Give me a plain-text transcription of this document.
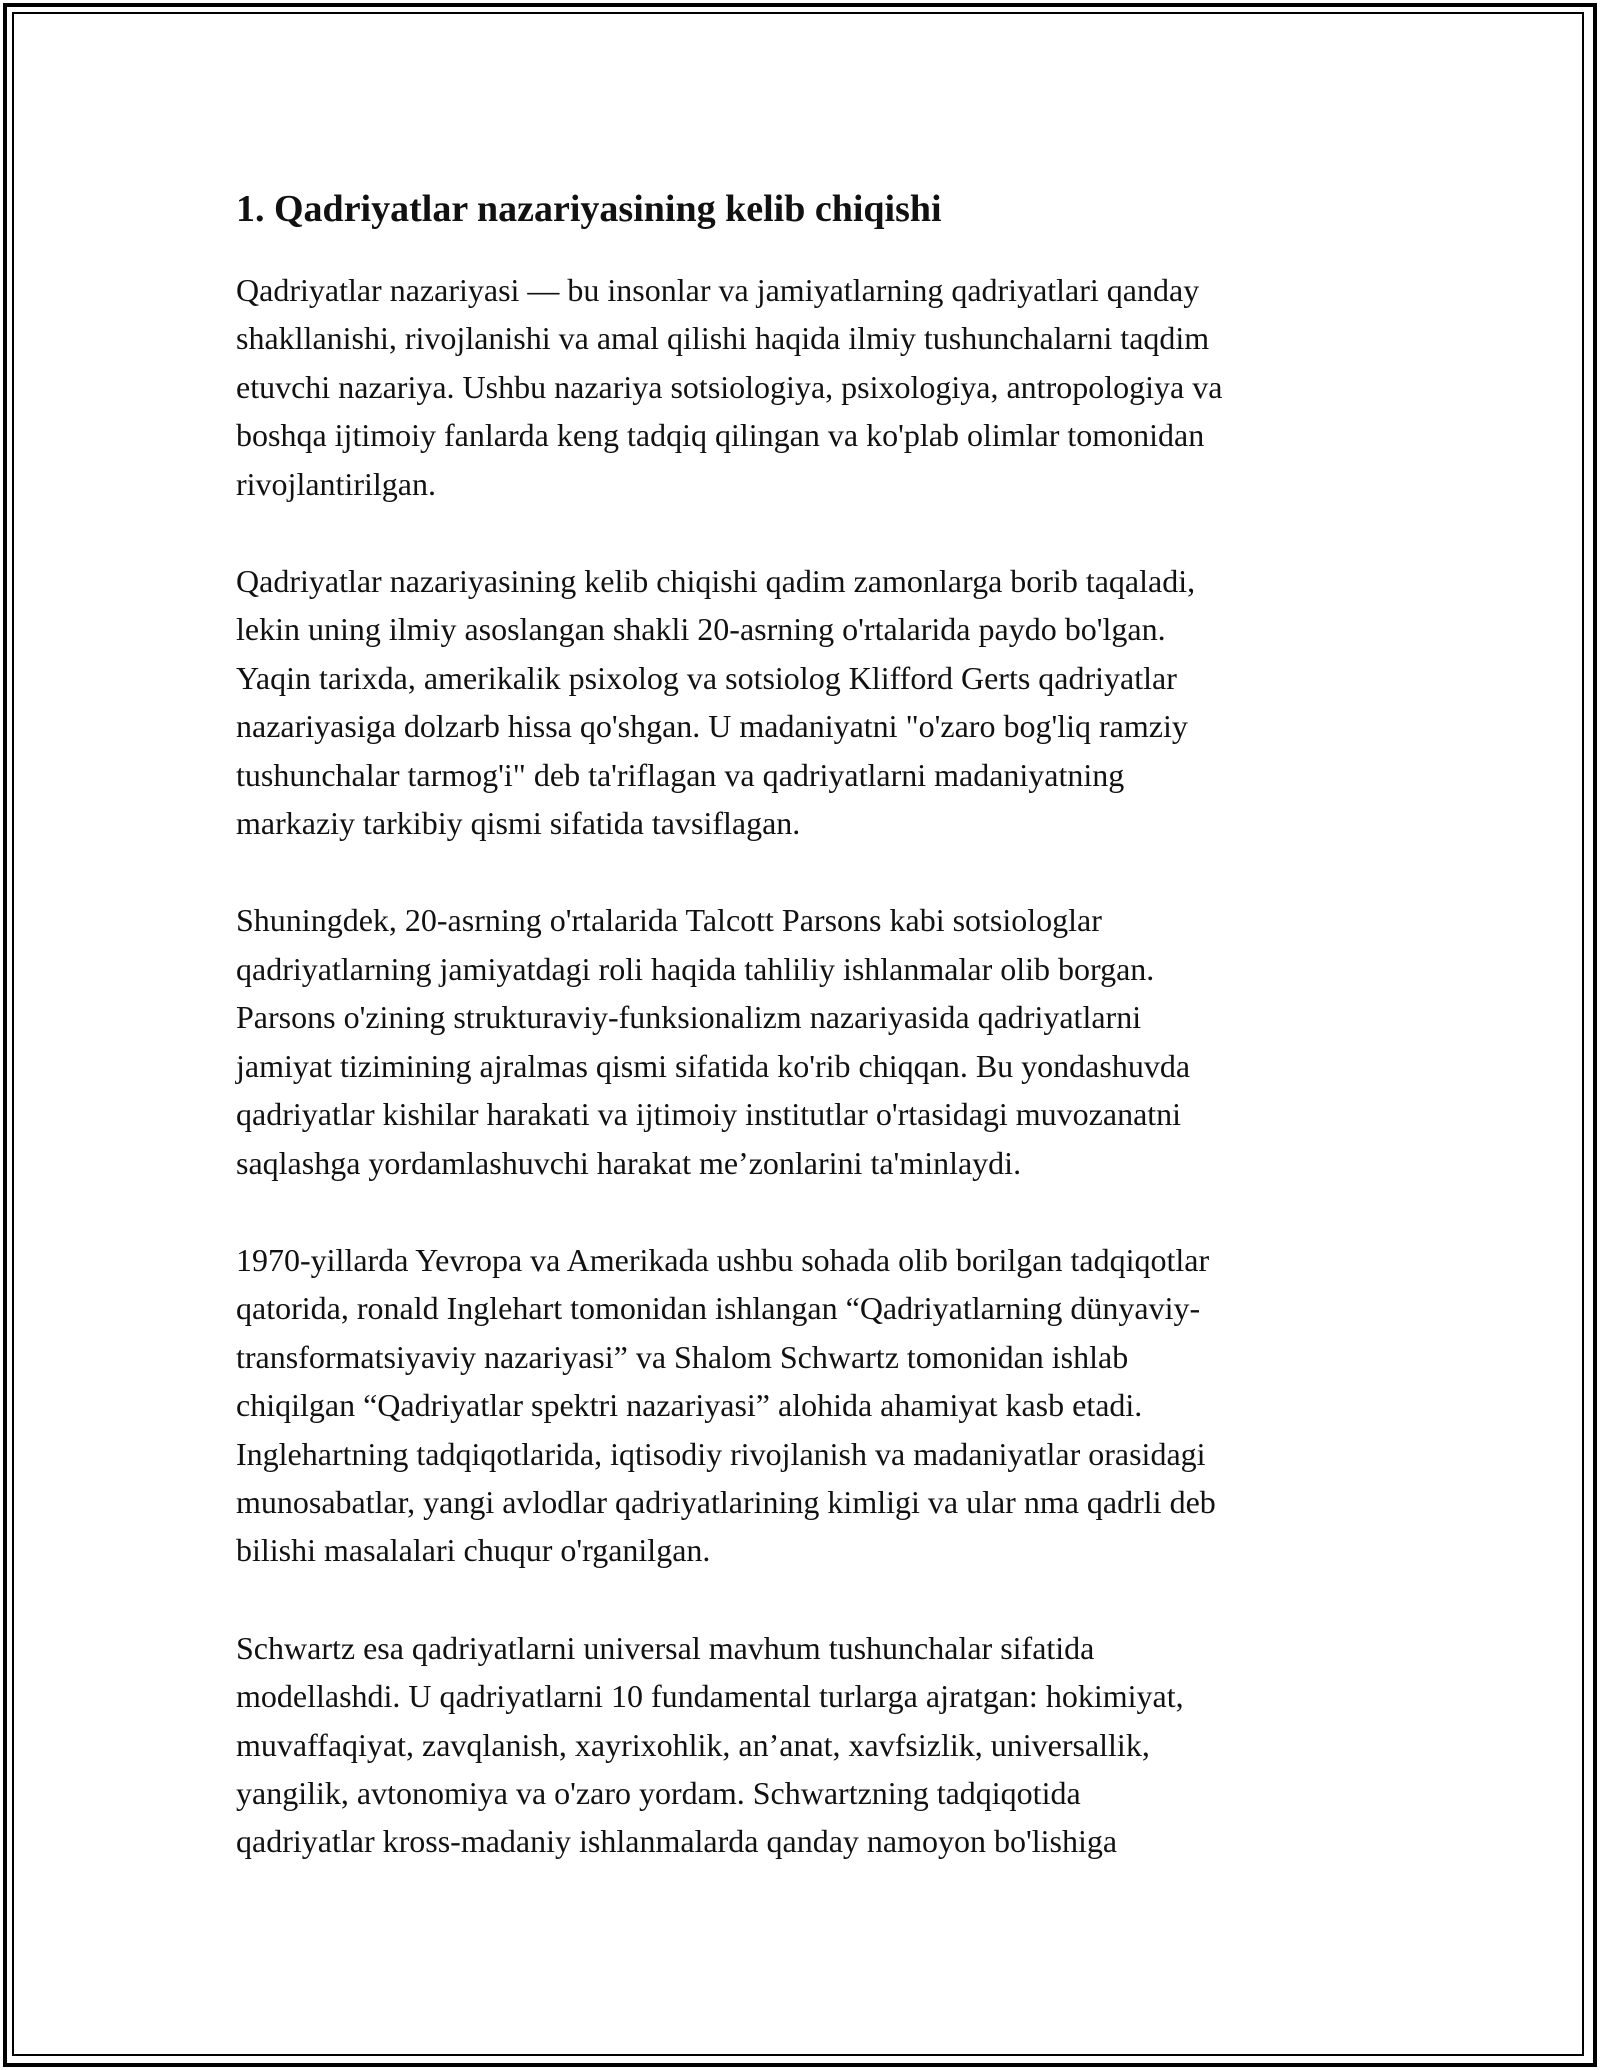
1. Qadriyatlar nazariyasining kelib chiqishi

Qadriyatlar nazariyasi — bu insonlar va jamiyatlarning qadriyatlari qanday
shakllanishi, rivojlanishi va amal qilishi haqida ilmiy tushunchalarni taqdim
etuvchi nazariya. Ushbu nazariya sotsiologiya, psixologiya, antropologiya va
boshqa ijtimoiy fanlarda keng tadqiq qilingan va ko'plab olimlar tomonidan
rivojlantirilgan.

Qadriyatlar nazariyasining kelib chiqishi qadim zamonlarga borib taqaladi,
lekin uning ilmiy asoslangan shakli 20-asrning o'rtalarida paydo bo'lgan.
Yaqin tarixda, amerikalik psixolog va sotsiolog Klifford Gerts qadriyatlar
nazariyasiga dolzarb hissa qo'shgan. U madaniyatni "o'zaro bog'liq ramziy
tushunchalar tarmog'i" deb ta'riflagan va qadriyatlarni madaniyatning
markaziy tarkibiy qismi sifatida tavsiflagan.

Shuningdek, 20-asrning o'rtalarida Talcott Parsons kabi sotsiologlar
qadriyatlarning jamiyatdagi roli haqida tahliliy ishlanmalar olib borgan.
Parsons o'zining strukturaviy-funksionalizm nazariyasida qadriyatlarni
jamiyat tizimining ajralmas qismi sifatida ko'rib chiqqan. Bu yondashuvda
qadriyatlar kishilar harakati va ijtimoiy institutlar o'rtasidagi muvozanatni
saqlashga yordamlashuvchi harakat me’zonlarini ta'minlaydi.

1970-yillarda Yevropa va Amerikada ushbu sohada olib borilgan tadqiqotlar
qatorida, ronald Inglehart tomonidan ishlangan “Qadriyatlarning dünyaviy-
transformatsiyaviy nazariyasi” va Shalom Schwartz tomonidan ishlab
chiqilgan “Qadriyatlar spektri nazariyasi” alohida ahamiyat kasb etadi.
Inglehartning tadqiqotlarida, iqtisodiy rivojlanish va madaniyatlar orasidagi
munosabatlar, yangi avlodlar qadriyatlarining kimligi va ular nma qadrli deb
bilishi masalalari chuqur o'rganilgan.

Schwartz esa qadriyatlarni universal mavhum tushunchalar sifatida
modellashdi. U qadriyatlarni 10 fundamental turlarga ajratgan: hokimiyat,
muvaffaqiyat, zavqlanish, xayrixohlik, an’anat, xavfsizlik, universallik,
yangilik, avtonomiya va o'zaro yordam. Schwartzning tadqiqotida
qadriyatlar kross-madaniy ishlanmalarda qanday namoyon bo'lishiga
